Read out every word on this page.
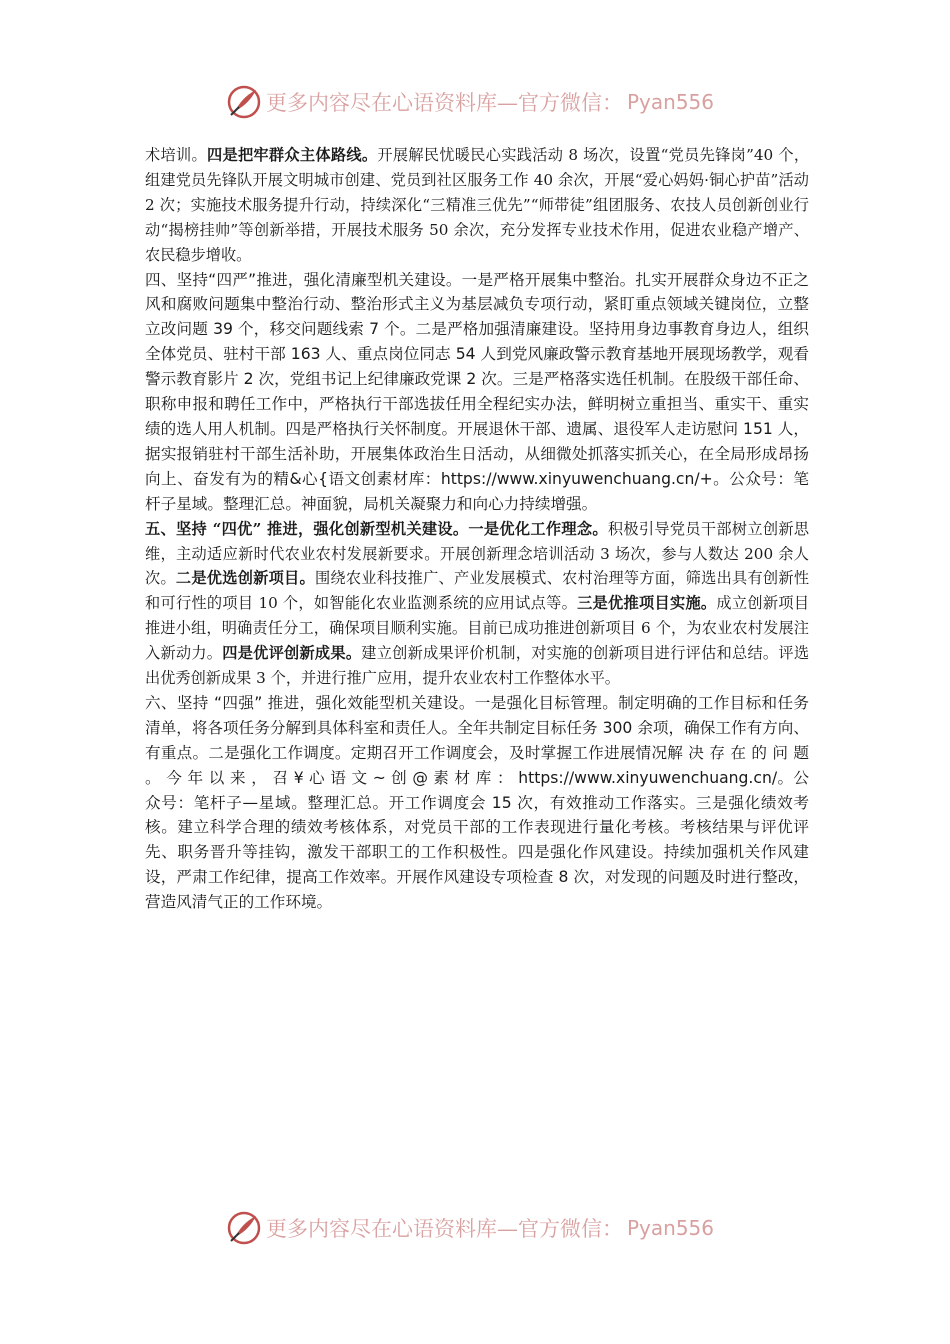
更多内容尽在心语资料库—官方微信： Pyan556

术培训。四是把牢群众主体路线。开展解民忧暖民心实践活动 8 场次，设置“党员先锋岗”40 个，组建党员先锋队开展文明城市创建、党员到社区服务工作 40 余次，开展“爱心妈妈·铜心护苗”活动 2 次；实施技术服务提升行动，持续深化“三精准三优先”“师带徒”组团服务、农技人员创新创业行动“揭榜挂帅”等创新举措，开展技术服务 50 余次，充分发挥专业技术作用，促进农业稳产增产、农民稳步增收。

四、坚持“四严”推进，强化清廉型机关建设。一是严格开展集中整治。扎实开展群众身边不正之风和腐败问题集中整治行动、整治形式主义为基层减负专项行动，紧盯重点领域关键岗位，立整立改问题 39 个，移交问题线索 7 个。二是严格加强清廉建设。坚持用身边事教育身边人，组织全体党员、驻村干部 163 人、重点岗位同志 54 人到党风廉政警示教育基地开展现场教学，观看警示教育影片 2 次，党组书记上纪律廉政党课 2 次。三是严格落实选任机制。在股级干部任命、职称申报和聘任工作中，严格执行干部选拔任用全程纪实办法，鲜明树立重担当、重实干、重实绩的选人用人机制。四是严格执行关怀制度。开展退休干部、遗属、退役军人走访慰问 151 人，据实报销驻村干部生活补助，开展集体政治生日活动，从细微处抓落实抓关心，在全局形成昂扬向上、奋发有为的精&心{语文创素材库：https://www.xinyuwenchuang.cn/+。公众号：笔杆子星域。整理汇总。神面貌，局机关凝聚力和向心力持续增强。

五、坚持 “四优” 推进，强化创新型机关建设。一是优化工作理念。积极引导党员干部树立创新思维，主动适应新时代农业农村发展新要求。开展创新理念培训活动 3 场次，参与人数达 200 余人次。二是优选创新项目。围绕农业科技推广、产业发展模式、农村治理等方面，筛选出具有创新性和可行性的项目 10 个，如智能化农业监测系统的应用试点等。三是优推项目实施。成立创新项目推进小组，明确责任分工，确保项目顺利实施。目前已成功推进创新项目 6 个，为农业农村发展注入新动力。四是优评创新成果。建立创新成果评价机制，对实施的创新项目进行评估和总结。评选出优秀创新成果 3 个，并进行推广应用，提升农业农村工作整体水平。

六、坚持 “四强” 推进，强化效能型机关建设。一是强化目标管理。制定明确的工作目标和任务清单，将各项任务分解到具体科室和责任人。全年共制定目标任务 300 余项，确保工作有方向、有重点。二是强化工作调度。定期召开工作调度会，及时掌握工作进展情况解 决 存 在 的 问 题 。 今 年 以 来 ， 召 ¥ 心 语 文 ~ 创 @ 素 材 库 ： https://www.xinyuwenchuang.cn/。公众号：笔杆子—星域。整理汇总。开工作调度会 15 次，有效推动工作落实。三是强化绩效考核。建立科学合理的绩效考核体系，对党员干部的工作表现进行量化考核。考核结果与评优评先、职务晋升等挂钩，激发干部职工的工作积极性。四是强化作风建设。持续加强机关作风建设，严肃工作纪律，提高工作效率。开展作风建设专项检查 8 次，对发现的问题及时进行整改，营造风清气正的工作环境。

更多内容尽在心语资料库—官方微信： Pyan556
